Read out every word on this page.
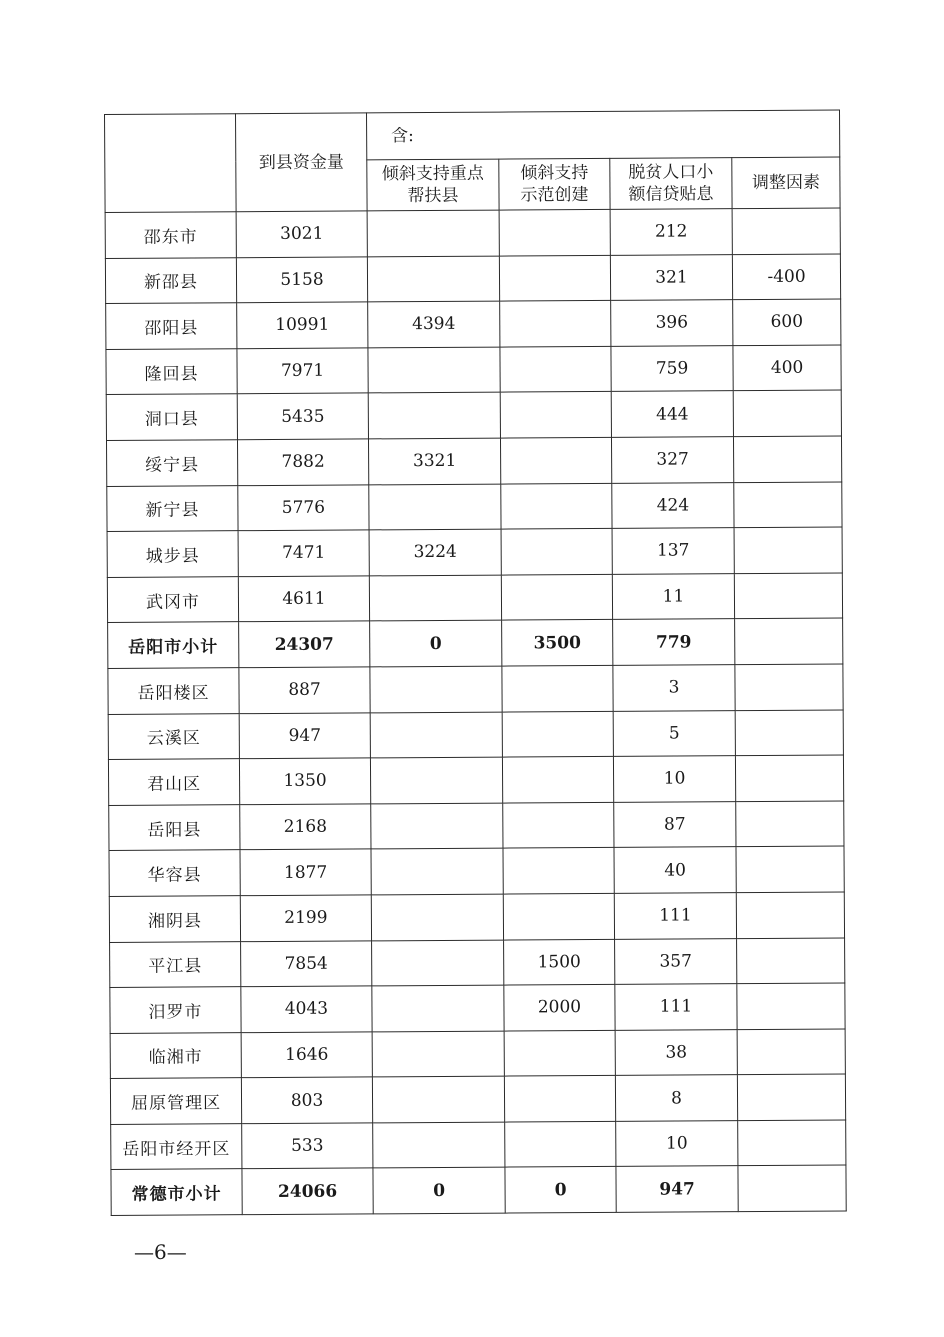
	到县资金量	含:			
		倾斜支持重点帮扶县	倾斜支持示范创建	脱贫人口小额信贷贴息	调整因素
邵东市	3021			212	
新邵县	5158			321	-400
邵阳县	10991	4394		396	600
隆回县	7971			759	400
洞口县	5435			444	
绥宁县	7882	3321		327	
新宁县	5776			424	
城步县	7471	3224		137	
武冈市	4611			11	
岳阳市小计	24307	0	3500	779	
岳阳楼区	887			3	
云溪区	947			5	
君山区	1350			10	
岳阳县	2168			87	
华容县	1877			40	
湘阴县	2199			111	
平江县	7854		1500	357	
汨罗市	4043		2000	111	
临湘市	1646			38	
屈原管理区	803			8	
岳阳市经开区	533			10	
常德市小计	24066	0	0	947	
—6—
